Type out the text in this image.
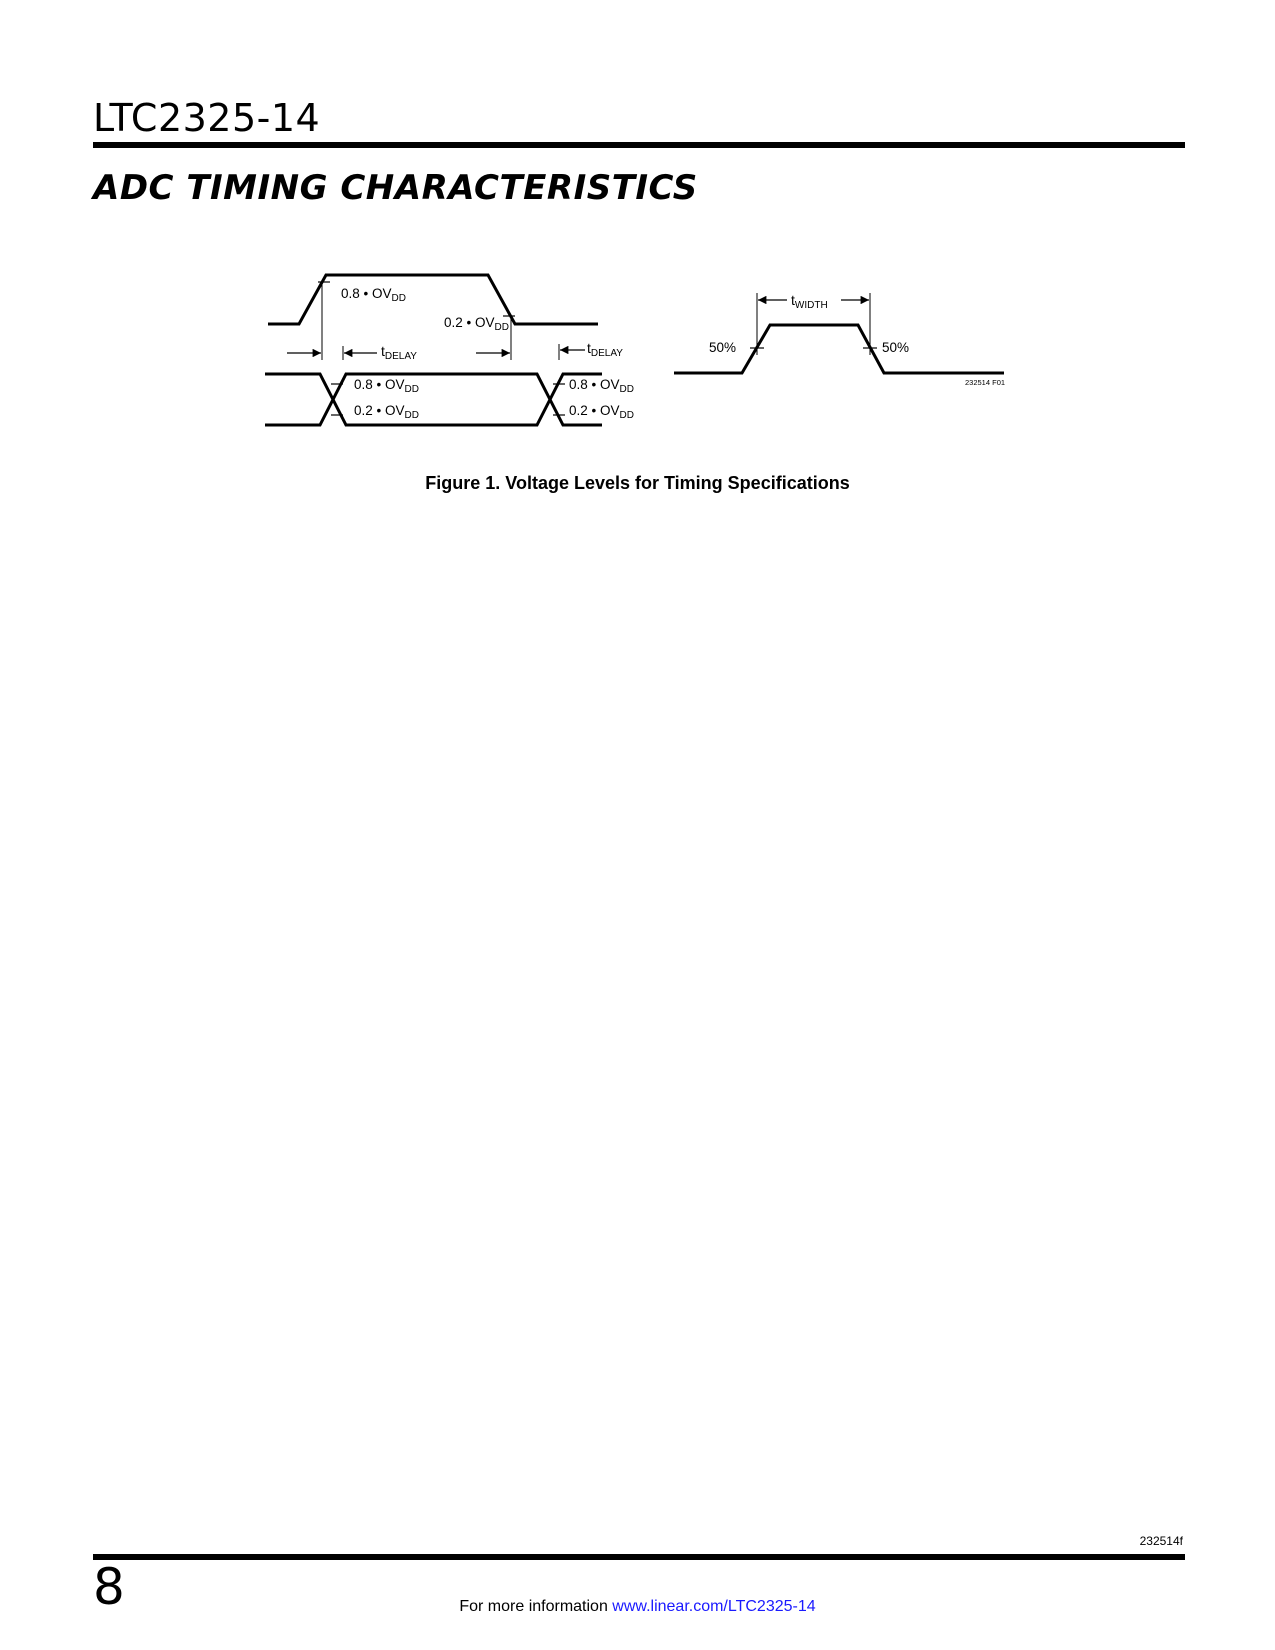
LTC2325-14
ADC TIMING CHARACTERISTICS
0.8 • $OV_{DD}$
0.2 • $OV_{DD}$
$t_{DELAY}$
$t_{DELAY}$
0.8 • $OV_{DD}$
0.2 • $OV_{DD}$
0.8 • $OV_{DD}$
0.2 • $OV_{DD}$
$t_{WIDTH}$
50%	50%
232514 F01
Figure 1. Voltage Levels for Timing Specifications
232514f
8	For more information www.linear.com/LTC2325-14
